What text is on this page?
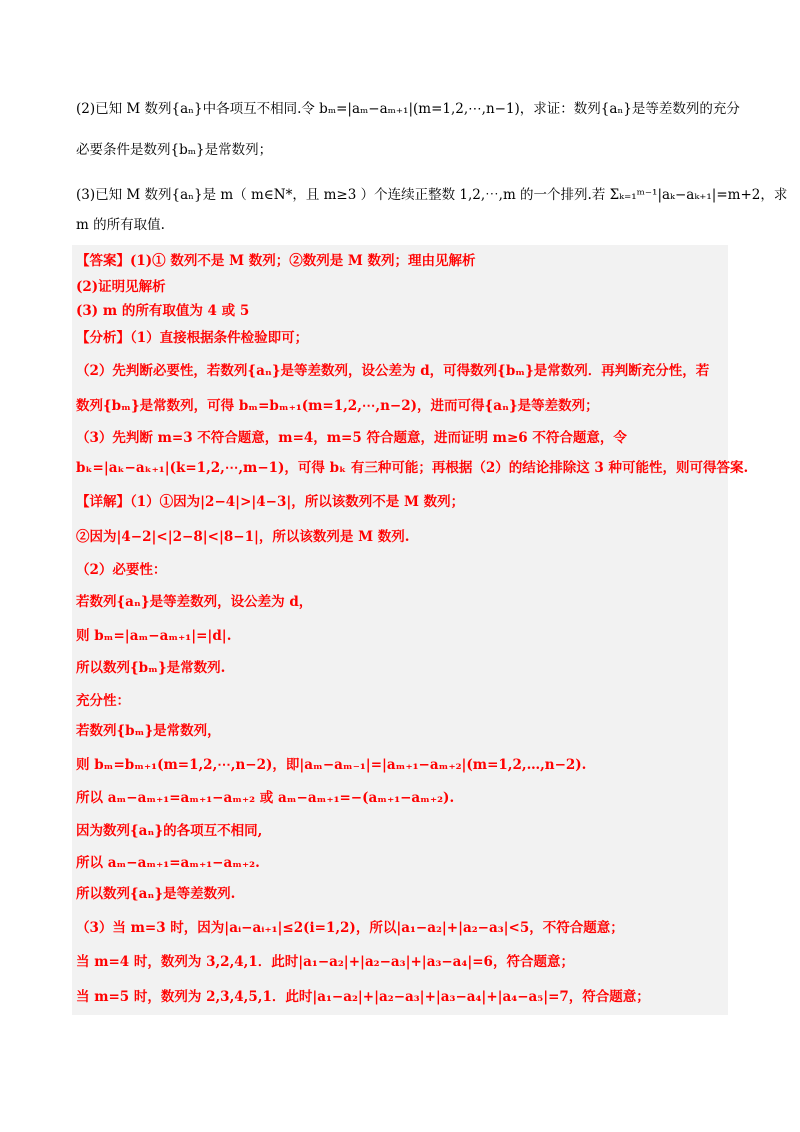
(2)已知 M 数列{aₙ}中各项互不相同.令 bₘ=|aₘ−aₘ₊₁|(m=1,2,⋯,n−1)，求证：数列{aₙ}是等差数列的充分
必要条件是数列{bₘ}是常数列；
(3)已知 M 数列{aₙ}是 m（ m∈N*，且 m≥3 ）个连续正整数 1,2,⋯,m 的一个排列.若 Σₖ₌₁ᵐ⁻¹|aₖ−aₖ₊₁|=m+2，求
m 的所有取值.
【答案】(1)① 数列不是 M 数列；②数列是 M 数列；理由见解析
(2)证明见解析
(3) m 的所有取值为 4 或 5
【分析】（1）直接根据条件检验即可；
（2）先判断必要性，若数列{aₙ}是等差数列，设公差为 d，可得数列{bₘ}是常数列．再判断充分性，若
数列{bₘ}是常数列，可得 bₘ=bₘ₊₁(m=1,2,⋯,n−2)，进而可得{aₙ}是等差数列；
（3）先判断 m=3 不符合题意，m=4，m=5 符合题意，进而证明 m≥6 不符合题意，令
bₖ=|aₖ−aₖ₊₁|(k=1,2,⋯,m−1)，可得 bₖ 有三种可能；再根据（2）的结论排除这 3 种可能性，则可得答案.
【详解】（1）①因为|2−4|>|4−3|，所以该数列不是 M 数列；
②因为|4−2|<|2−8|<|8−1|，所以该数列是 M 数列.
（2）必要性：
若数列{aₙ}是等差数列，设公差为 d，
则 bₘ=|aₘ−aₘ₊₁|=|d|.
所以数列{bₘ}是常数列.
充分性：
若数列{bₘ}是常数列，
则 bₘ=bₘ₊₁(m=1,2,⋯,n−2)，即|aₘ−aₘ₋₁|=|aₘ₊₁−aₘ₊₂|(m=1,2,…,n−2).
所以 aₘ−aₘ₊₁=aₘ₊₁−aₘ₊₂ 或 aₘ−aₘ₊₁=−(aₘ₊₁−aₘ₊₂).
因为数列{aₙ}的各项互不相同,
所以 aₘ−aₘ₊₁=aₘ₊₁−aₘ₊₂.
所以数列{aₙ}是等差数列.
（3）当 m=3 时，因为|aᵢ−aᵢ₊₁|≤2(i=1,2)，所以|a₁−a₂|+|a₂−a₃|<5，不符合题意；
当 m=4 时，数列为 3,2,4,1．此时|a₁−a₂|+|a₂−a₃|+|a₃−a₄|=6，符合题意；
当 m=5 时，数列为 2,3,4,5,1．此时|a₁−a₂|+|a₂−a₃|+|a₃−a₄|+|a₄−a₅|=7，符合题意；
